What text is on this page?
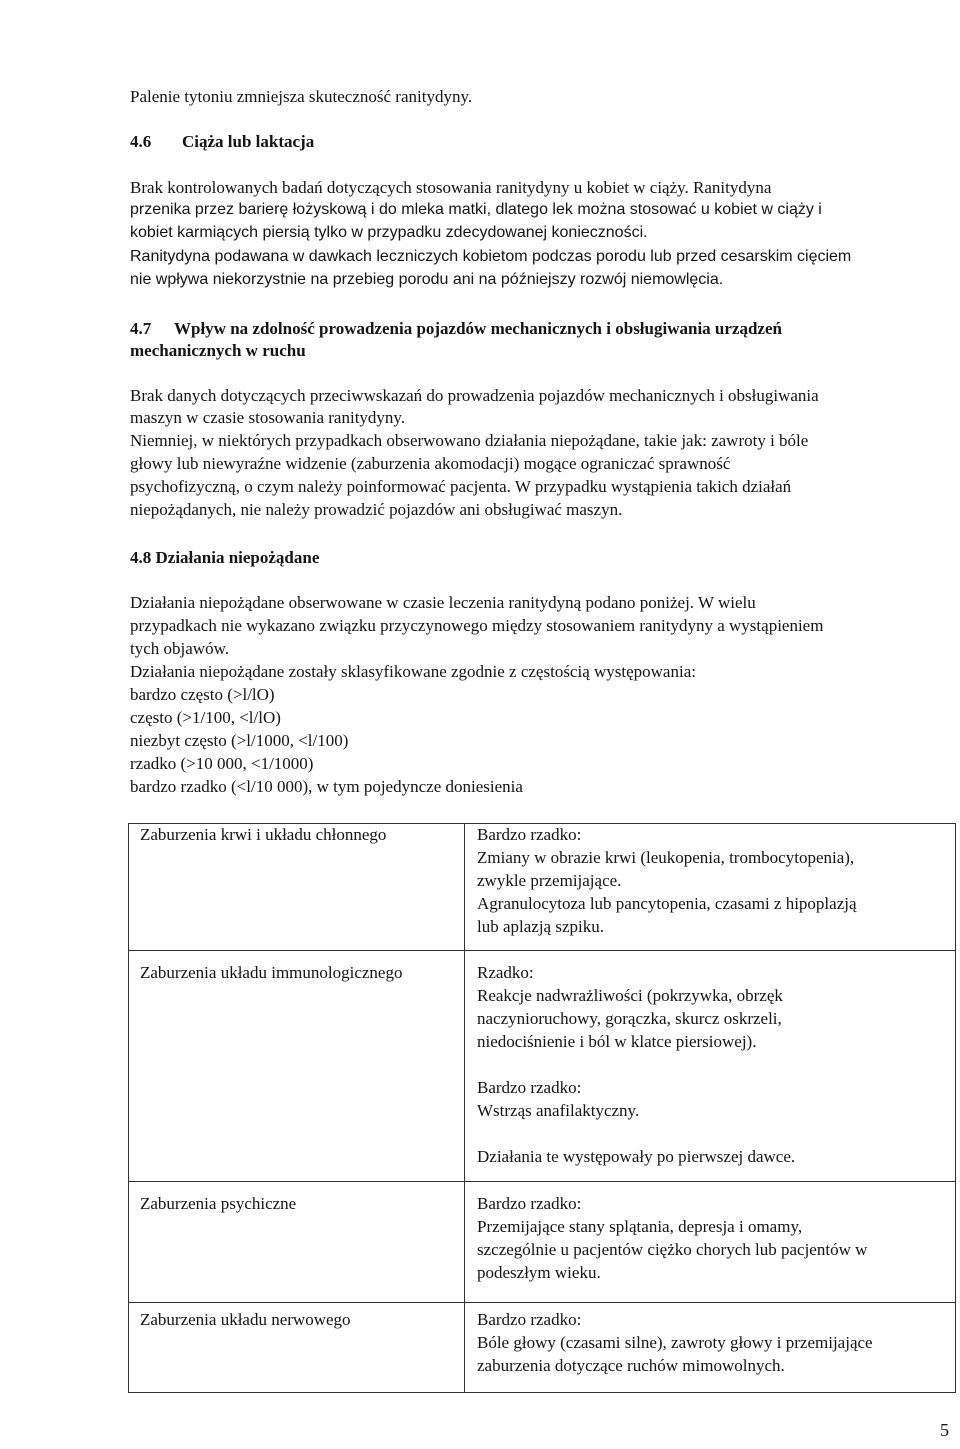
Palenie tytoniu zmniejsza skuteczność ranitydyny.

4.6 Ciąża lub laktacja

Brak kontrolowanych badań dotyczących stosowania ranitydyny u kobiet w ciąży. Ranitydyna

przenika przez barierę łożyskową i do mleka matki, dlatego lek można stosować u kobiet w ciąży i

kobiet karmiących piersią tylko w przypadku zdecydowanej konieczności.

Ranitydyna podawana w dawkach leczniczych kobietom podczas porodu lub przed cesarskim cięciem

nie wpływa niekorzystnie na przebieg porodu ani na późniejszy rozwój niemowlęcia.

4.7 Wpływ na zdolność prowadzenia pojazdów mechanicznych i obsługiwania urządzeń

mechanicznych w ruchu

Brak danych dotyczących przeciwwskazań do prowadzenia pojazdów mechanicznych i obsługiwania

maszyn w czasie stosowania ranitydyny.

Niemniej, w niektórych przypadkach obserwowano działania niepożądane, takie jak: zawroty i bóle

głowy lub niewyraźne widzenie (zaburzenia akomodacji) mogące ograniczać sprawność

psychofizyczną, o czym należy poinformować pacjenta. W przypadku wystąpienia takich działań

niepożądanych, nie należy prowadzić pojazdów ani obsługiwać maszyn.

4.8 Działania niepożądane

Działania niepożądane obserwowane w czasie leczenia ranitydyną podano poniżej. W wielu

przypadkach nie wykazano związku przyczynowego między stosowaniem ranitydyny a wystąpieniem

tych objawów.

Działania niepożądane zostały sklasyfikowane zgodnie z częstością występowania:

bardzo często (>l/lO)

często (>1/100, <l/lO)

niezbyt często (>l/1000, <l/100)

rzadko (>10 000, <1/1000)

bardzo rzadko (<l/10 000), w tym pojedyncze doniesienia

Zaburzenia krwi i układu chłonnego	Bardzo rzadko:
Zmiany w obrazie krwi (leukopenia, trombocytopenia),
zwykle przemijające.
Agranulocytoza lub pancytopenia, czasami z hipoplazją
lub aplazją szpiku.
Zaburzenia układu immunologicznego	Rzadko:
Reakcje nadwrażliwości (pokrzywka, obrzęk
naczynioruchowy, gorączka, skurcz oskrzeli,
niedociśnienie i ból w klatce piersiowej).
Bardzo rzadko:
Wstrząs anafilaktyczny.
Działania te występowały po pierwszej dawce.
Zaburzenia psychiczne	Bardzo rzadko:
Przemijające stany splątania, depresja i omamy,
szczególnie u pacjentów ciężko chorych lub pacjentów w
podeszłym wieku.
Zaburzenia układu nerwowego	Bardzo rzadko:
Bóle głowy (czasami silne), zawroty głowy i przemijające
zaburzenia dotyczące ruchów mimowolnych.
5
